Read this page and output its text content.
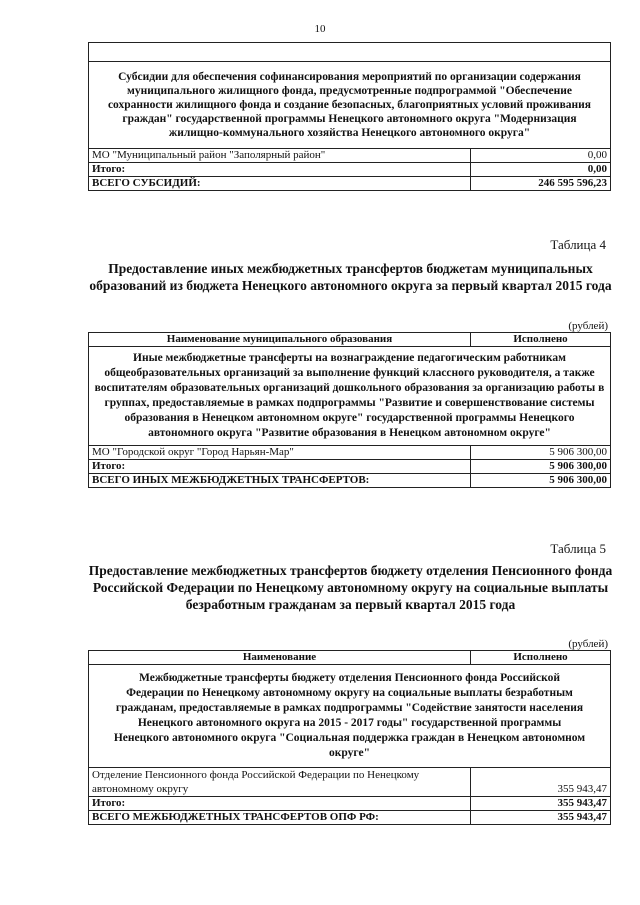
10

Субсидии для обеспечения софинансирования мероприятий по организации содержания муниципального жилищного фонда, предусмотренные подпрограммой "Обеспечение сохранности жилищного фонда и создание безопасных, благоприятных условий проживания граждан" государственной программы Ненецкого автономного округа "Модернизация жилищно-коммунального хозяйства Ненецкого автономного округа"	
МО "Муниципальный район "Заполярный район"	0,00
Итого:	0,00
ВСЕГО СУБСИДИЙ:	246 595 596,23
Таблица 4
Предоставление иных межбюджетных трансфертов бюджетам муниципальных образований из бюджета Ненецкого автономного округа за первый квартал 2015 года
(рублей)
Наименование муниципального образования	Исполнено
Иные межбюджетные трансферты на вознаграждение педагогическим работникам общеобразовательных организаций за выполнение функций классного руководителя, а также воспитателям образовательных организаций дошкольного образования за организацию работы в группах, предоставляемые в рамках подпрограммы "Развитие и совершенствование системы образования в Ненецком автономном округе" государственной программы Ненецкого автономного округа "Развитие образования в Ненецком автономном округе"	
МО "Городской округ "Город Нарьян-Мар"	5 906 300,00
Итого:	5 906 300,00
ВСЕГО ИНЫХ МЕЖБЮДЖЕТНЫХ ТРАНСФЕРТОВ:	5 906 300,00
Таблица 5
Предоставление межбюджетных трансфертов бюджету отделения Пенсионного фонда Российской Федерации по Ненецкому автономному округу на социальные выплаты безработным гражданам за первый квартал 2015 года
(рублей)
Наименование	Исполнено
Межбюджетные трансферты бюджету отделения Пенсионного фонда Российской Федерации по Ненецкому автономному округу на социальные выплаты безработным гражданам, предоставляемые в рамках подпрограммы "Содействие занятости населения Ненецкого автономного округа на 2015 - 2017 годы" государственной программы Ненецкого автономного округа "Социальная поддержка граждан в Ненецком автономном округе"	
Отделение Пенсионного фонда Российской Федерации по Ненецкому автономному округу	355 943,47
Итого:	355 943,47
ВСЕГО МЕЖБЮДЖЕТНЫХ ТРАНСФЕРТОВ ОПФ РФ:	355 943,47
